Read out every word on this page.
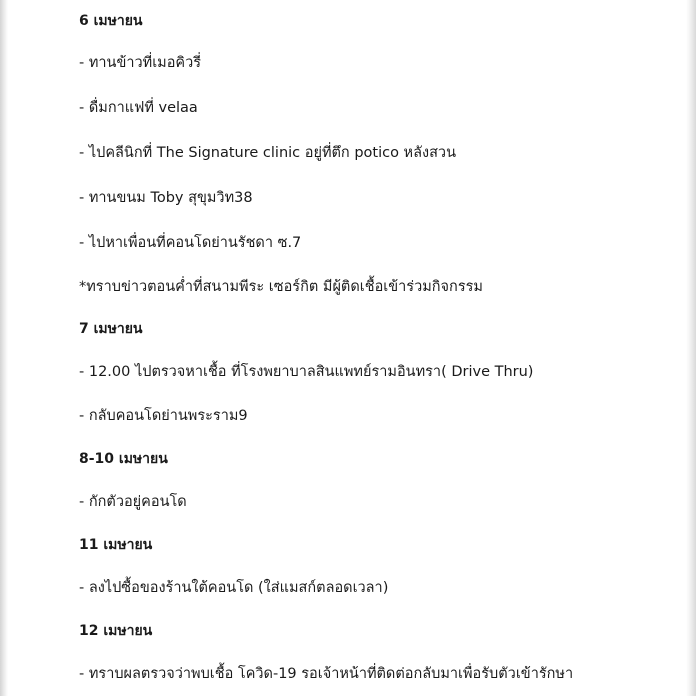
6 เมษายน
- ทานข้าวที่เมอคิวรี่
- ดื่มกาแฟที่ velaa
- ไปคลีนิกที่ The Signature clinic อยู่ที่ตึก potico หลังสวน
- ทานขนม Toby สุขุมวิท38
- ไปหาเพื่อนที่คอนโดย่านรัชดา ซ.7
*ทราบข่าวตอนค่ำที่สนามพีระ เซอร์กิต มีผู้ติดเชื้อเข้าร่วมกิจกรรม
7 เมษายน
- 12.00 ไปตรวจหาเชื้อ ที่โรงพยาบาลสินแพทย์รามอินทรา( Drive Thru)
- กลับคอนโดย่านพระราม9
8-10 เมษายน
- กักตัวอยู่คอนโด
11 เมษายน
- ลงไปซื้อของร้านใต้คอนโด (ใส่แมสก์ตลอดเวลา)
12 เมษายน
- ทราบผลตรวจว่าพบเชื้อ โควิด-19 รอเจ้าหน้าที่ติดต่อกลับมาเพื่อรับตัวเข้ารักษา
